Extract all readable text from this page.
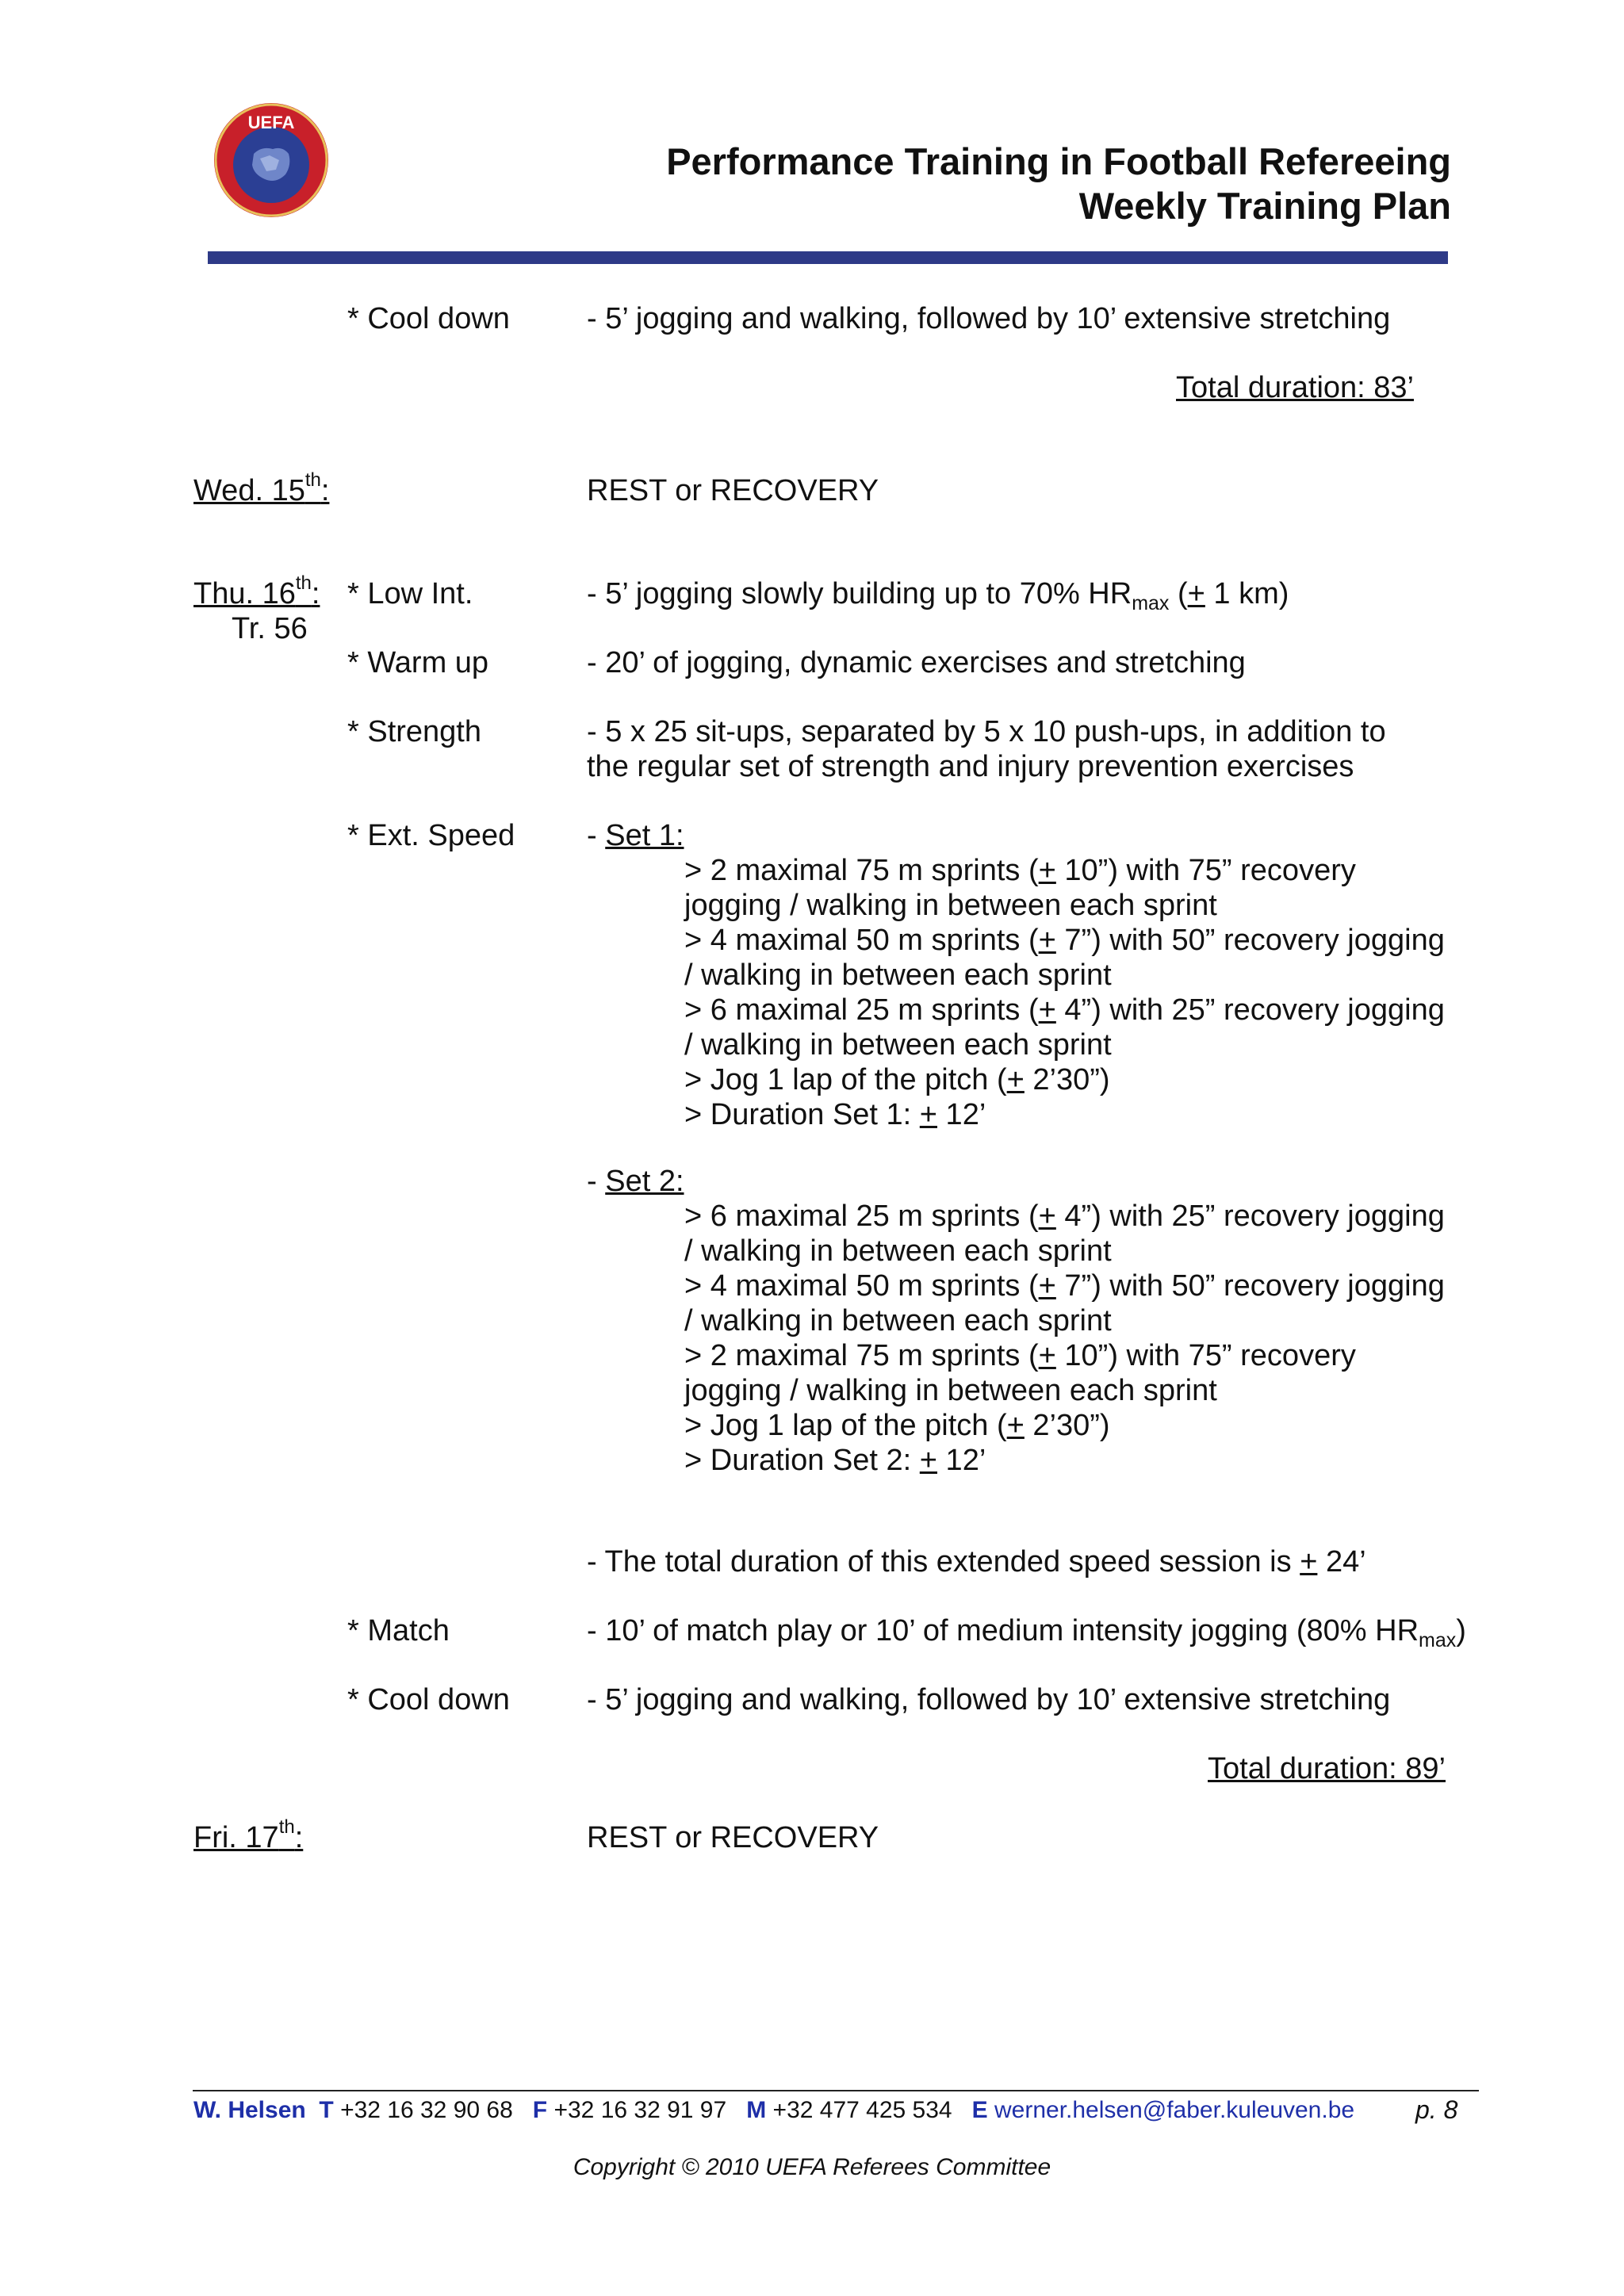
UEFA
Performance Training in Football Refereeing
Weekly Training Plan
* Cool down	- 5’ jogging and walking, followed by 10’ extensive stretching
Total duration: 83’
Wed. 15th:	REST or RECOVERY
Thu. 16th:
Tr. 56
* Low Int.	- 5’ jogging slowly building up to 70% $HR_{max}$ (+ 1 km)
* Warm up	- 20’ of jogging, dynamic exercises and stretching
* Strength	- 5 x 25 sit-ups, separated by 5 x 10 push-ups, in addition to
the regular set of strength and injury prevention exercises
* Ext. Speed - Set 1:
> 2 maximal 75 m sprints (+ 10”) with 75” recovery
jogging / walking in between each sprint
> 4 maximal 50 m sprints (+ 7”) with 50” recovery jogging
/ walking in between each sprint
> 6 maximal 25 m sprints (+ 4”) with 25” recovery jogging
/ walking in between each sprint
> Jog 1 lap of the pitch (+ 2’30”)
> Duration Set 1: + 12’
- Set 2:
> 6 maximal 25 m sprints (+ 4”) with 25” recovery jogging
/ walking in between each sprint
> 4 maximal 50 m sprints (+ 7”) with 50” recovery jogging
/ walking in between each sprint
> 2 maximal 75 m sprints (+ 10”) with 75” recovery
jogging / walking in between each sprint
> Jog 1 lap of the pitch (+ 2’30”)
> Duration Set 2: + 12’
- The total duration of this extended speed session is + 24’
* Match	- 10’ of match play or 10’ of medium intensity jogging (80% $HR_{max}$)
* Cool down	- 5’ jogging and walking, followed by 10’ extensive stretching
Total duration: 89’
Fri. 17th:	REST or RECOVERY
W. Helsen T +32 16 32 90 68 F +32 16 32 91 97 M +32 477 425 534 E werner.helsen@faber.kuleuven.be p. 8
Copyright © 2010 UEFA Referees Committee
